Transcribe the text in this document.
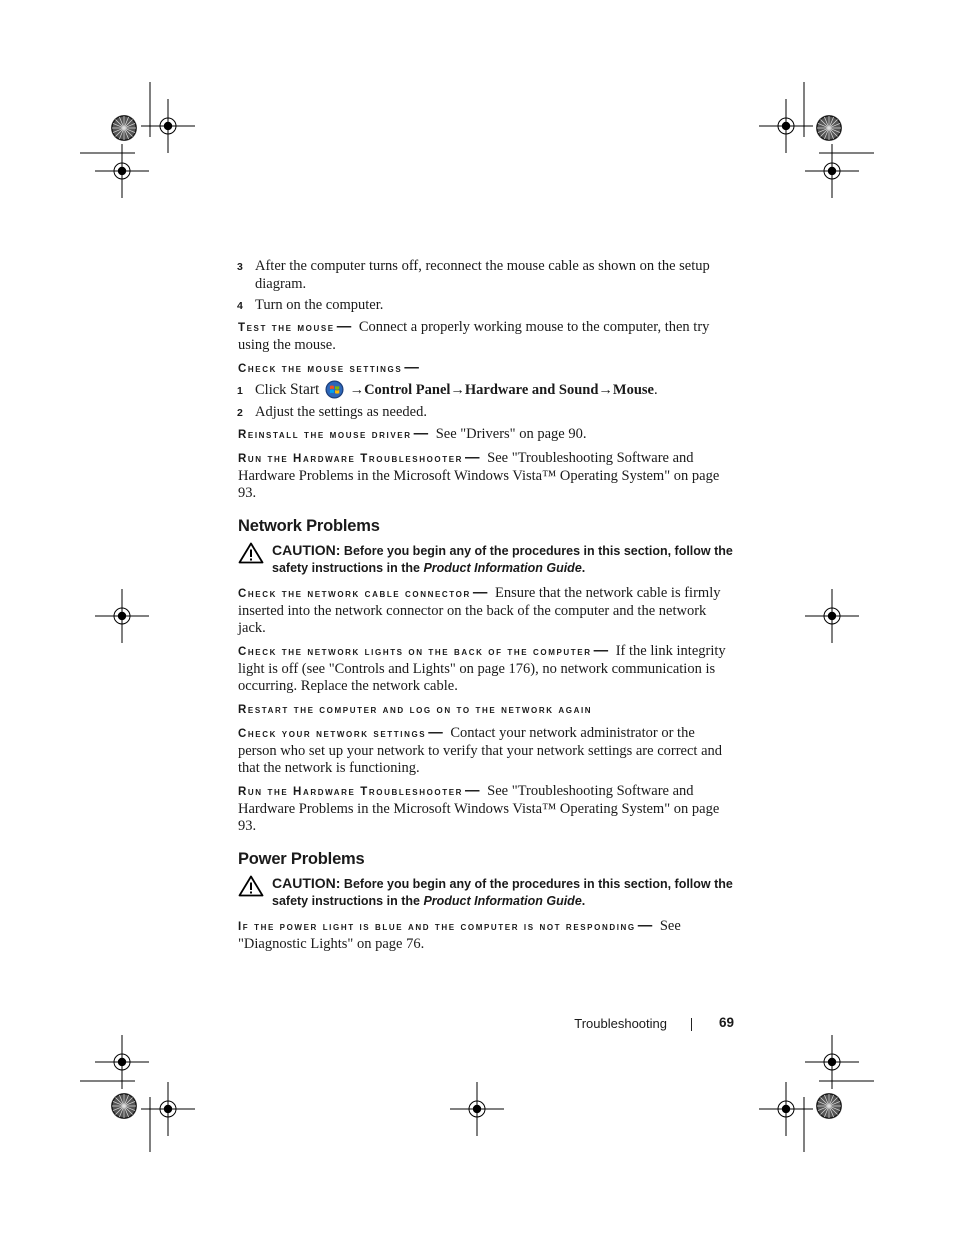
3 After the computer turns off, reconnect the mouse cable as shown on the setup diagram.
4 Turn on the computer.
Test the mouse — Connect a properly working mouse to the computer, then try using the mouse.
Check the mouse settings —
1 Click Start →Control Panel→Hardware and Sound→Mouse.
2 Adjust the settings as needed.
Reinstall the mouse driver — See "Drivers" on page 90.
Run the Hardware Troubleshooter — See "Troubleshooting Software and Hardware Problems in the Microsoft Windows Vista™ Operating System" on page 93.
Network Problems
CAUTION: Before you begin any of the procedures in this section, follow the safety instructions in the Product Information Guide.
Check the network cable connector — Ensure that the network cable is firmly inserted into the network connector on the back of the computer and the network jack.
Check the network lights on the back of the computer — If the link integrity light is off (see "Controls and Lights" on page 176), no network communication is occurring. Replace the network cable.
Restart the computer and log on to the network again
Check your network settings — Contact your network administrator or the person who set up your network to verify that your network settings are correct and that the network is functioning.
Run the Hardware Troubleshooter — See "Troubleshooting Software and Hardware Problems in the Microsoft Windows Vista™ Operating System" on page 93.
Power Problems
CAUTION: Before you begin any of the procedures in this section, follow the safety instructions in the Product Information Guide.
If the power light is blue and the computer is not responding — See "Diagnostic Lights" on page 76.
Troubleshooting	69
